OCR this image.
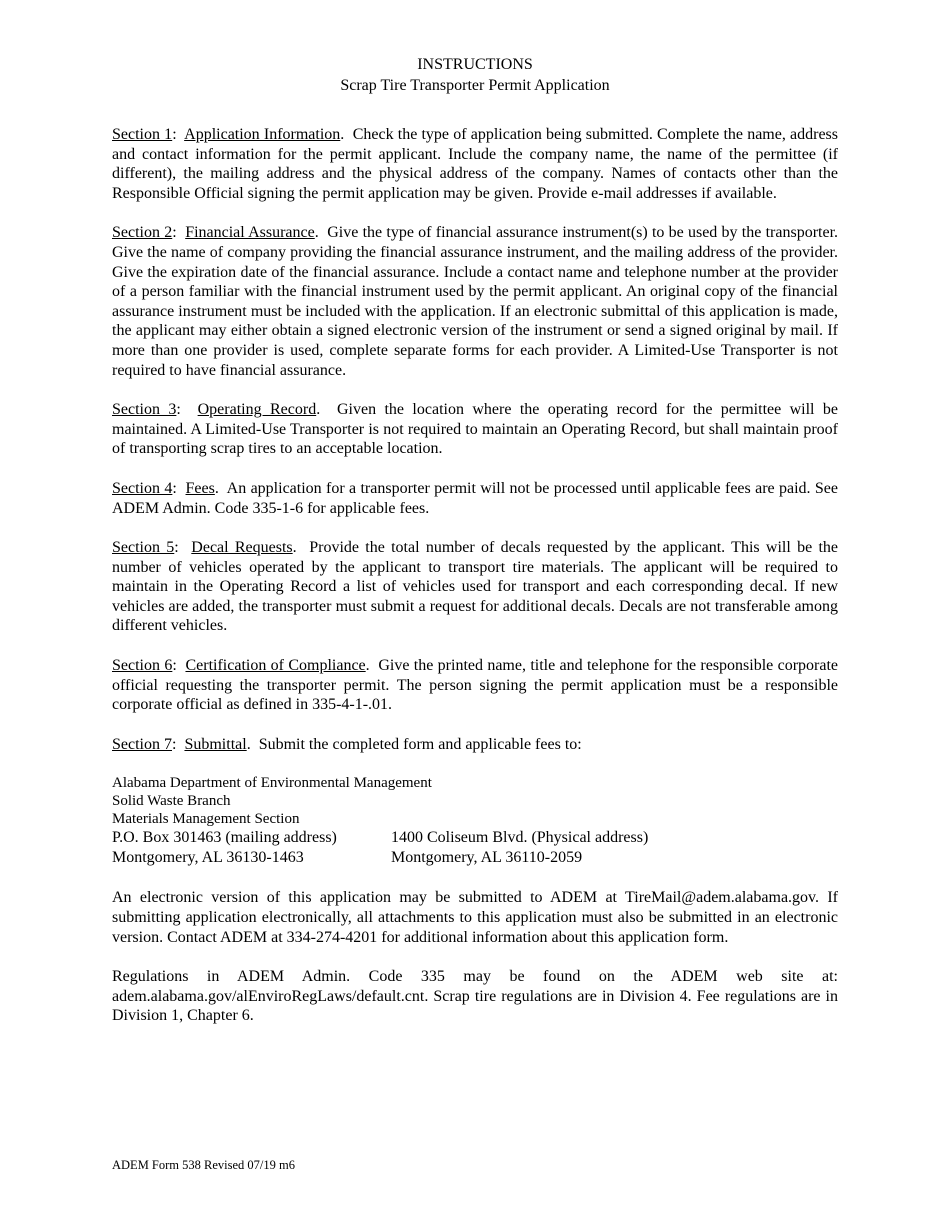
INSTRUCTIONS
Scrap Tire Transporter Permit Application
Section 1:  Application Information.  Check the type of application being submitted. Complete the name, address and contact information for the permit applicant. Include the company name, the name of the permittee (if different), the mailing address and the physical address of the company. Names of contacts other than the Responsible Official signing the permit application may be given. Provide e-mail addresses if available.
Section 2:  Financial Assurance.  Give the type of financial assurance instrument(s) to be used by the transporter. Give the name of company providing the financial assurance instrument, and the mailing address of the provider. Give the expiration date of the financial assurance. Include a contact name and telephone number at the provider of a person familiar with the financial instrument used by the permit applicant. An original copy of the financial assurance instrument must be included with the application. If an electronic submittal of this application is made, the applicant may either obtain a signed electronic version of the instrument or send a signed original by mail. If more than one provider is used, complete separate forms for each provider. A Limited-Use Transporter is not required to have financial assurance.
Section 3:  Operating Record.  Given the location where the operating record for the permittee will be maintained. A Limited-Use Transporter is not required to maintain an Operating Record, but shall maintain proof of transporting scrap tires to an acceptable location.
Section 4:  Fees.  An application for a transporter permit will not be processed until applicable fees are paid. See ADEM Admin. Code 335-1-6 for applicable fees.
Section 5:  Decal Requests.  Provide the total number of decals requested by the applicant. This will be the number of vehicles operated by the applicant to transport tire materials. The applicant will be required to maintain in the Operating Record a list of vehicles used for transport and each corresponding decal. If new vehicles are added, the transporter must submit a request for additional decals. Decals are not transferable among different vehicles.
Section 6:  Certification of Compliance.  Give the printed name, title and telephone for the responsible corporate official requesting the transporter permit. The person signing the permit application must be a responsible corporate official as defined in 335-4-1-.01.
Section 7:  Submittal.  Submit the completed form and applicable fees to:
Alabama Department of Environmental Management
Solid Waste Branch
Materials Management Section
P.O. Box 301463 (mailing address)	1400 Coliseum Blvd. (Physical address)
Montgomery, AL 36130-1463	Montgomery, AL 36110-2059
An electronic version of this application may be submitted to ADEM at TireMail@adem.alabama.gov. If submitting application electronically, all attachments to this application must also be submitted in an electronic version. Contact ADEM at 334-274-4201 for additional information about this application form.
Regulations in ADEM Admin. Code 335 may be found on the ADEM web site at: adem.alabama.gov/alEnviroRegLaws/default.cnt. Scrap tire regulations are in Division 4. Fee regulations are in Division 1, Chapter 6.
ADEM Form 538 Revised 07/19 m6
